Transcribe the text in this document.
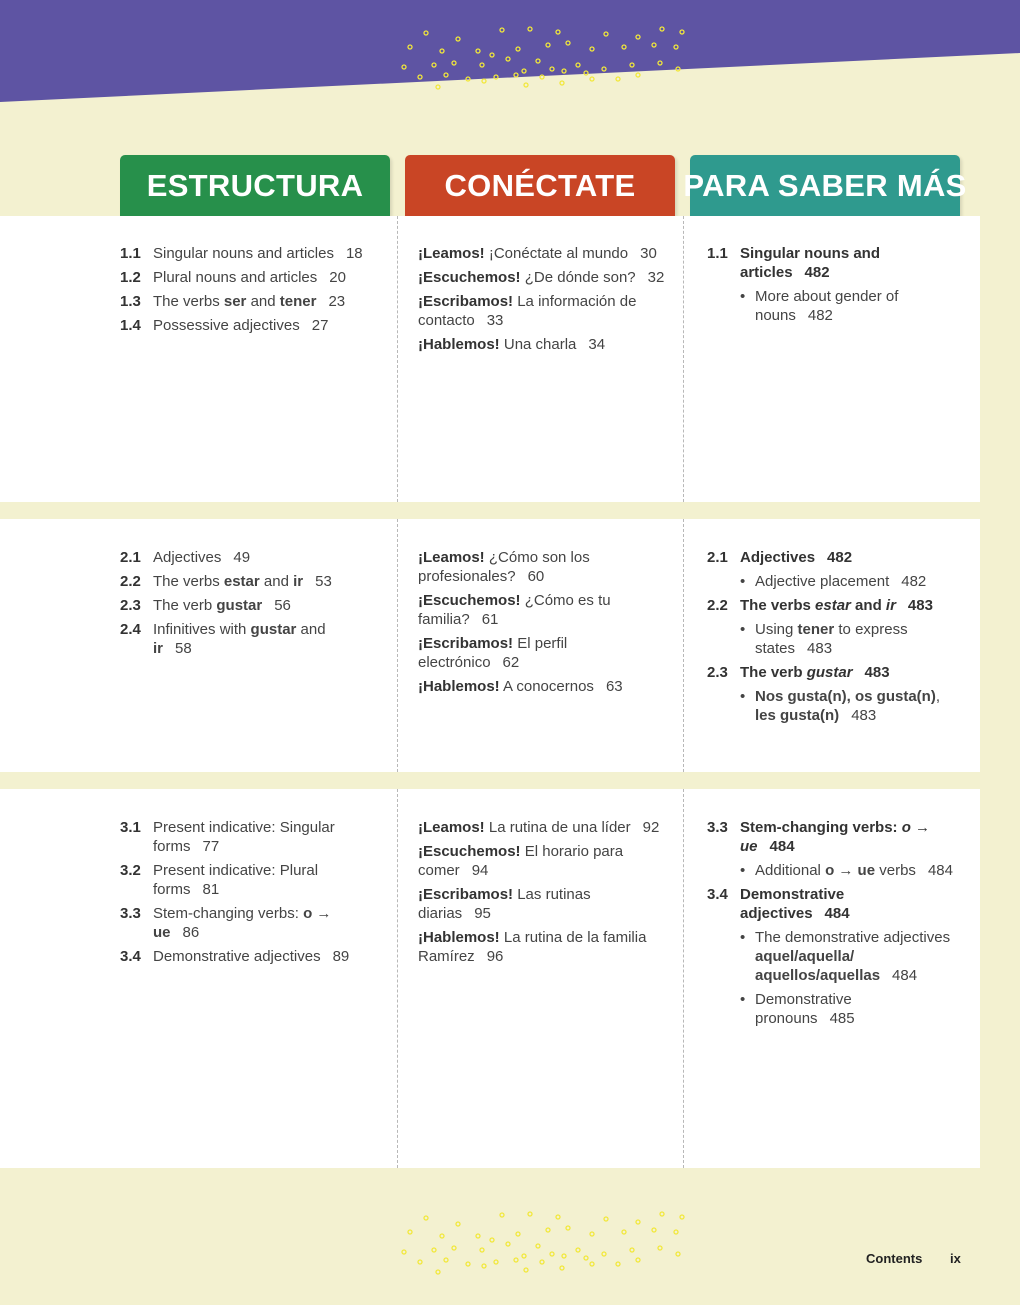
ESTRUCTURA	CONÉCTATE	PARA SABER MÁS
1.1 Singular nouns and articles 18
1.2 Plural nouns and articles 20
1.3 The verbs ser and tener 23
1.4 Possessive adjectives 27
¡Leamos! ¡Conéctate al mundo 30
¡Escuchemos! ¿De dónde son? 32
¡Escribamos! La información de contacto 33
¡Hablemos! Una charla 34
1.1 Singular nouns and articles 482
• More about gender of nouns 482
2.1 Adjectives 49
2.2 The verbs estar and ir 53
2.3 The verb gustar 56
2.4 Infinitives with gustar and ir 58
¡Leamos! ¿Cómo son los profesionales? 60
¡Escuchemos! ¿Cómo es tu familia? 61
¡Escribamos! El perfil electrónico 62
¡Hablemos! A conocernos 63
2.1 Adjectives 482
• Adjective placement 482
2.2 The verbs estar and ir 483
• Using tener to express states 483
2.3 The verb gustar 483
• Nos gusta(n), os gusta(n), les gusta(n) 483
3.1 Present indicative: Singular forms 77
3.2 Present indicative: Plural forms 81
3.3 Stem-changing verbs: o → ue 86
3.4 Demonstrative adjectives 89
¡Leamos! La rutina de una líder 92
¡Escuchemos! El horario para comer 94
¡Escribamos! Las rutinas diarias 95
¡Hablemos! La rutina de la familia Ramírez 96
3.3 Stem-changing verbs: o → ue 484
• Additional o → ue verbs 484
3.4 Demonstrative adjectives 484
• The demonstrative adjectives aquel/aquella/ aquellos/aquellas 484
• Demonstrative pronouns 485
Contents ix
